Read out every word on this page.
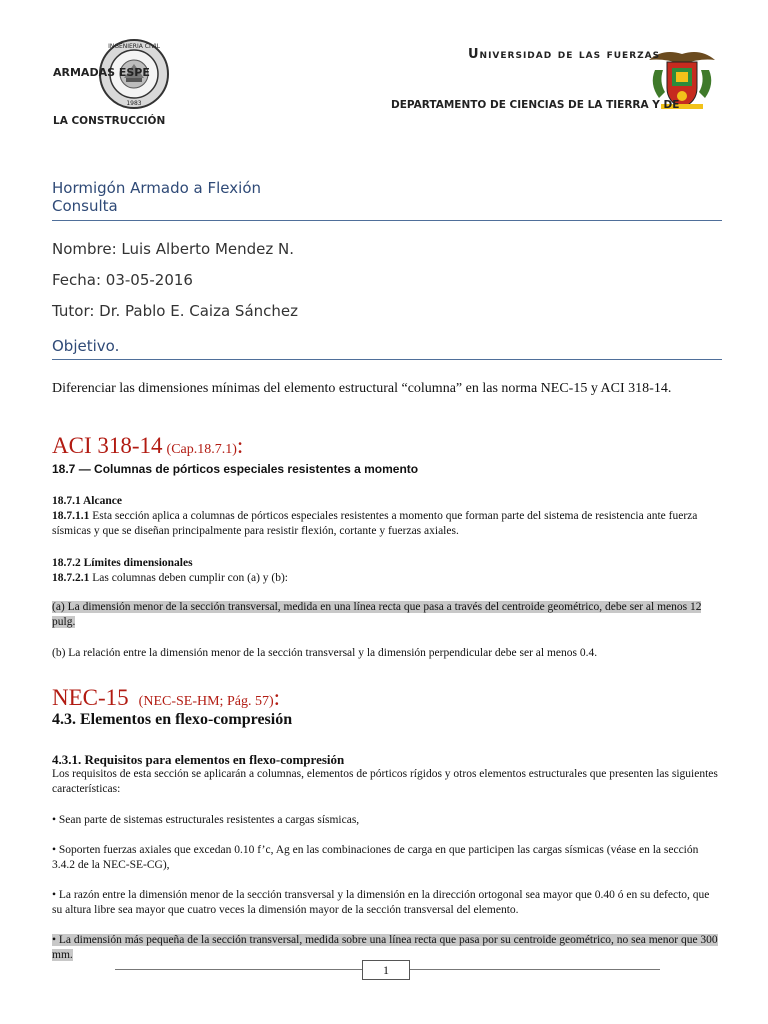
INGENIERIA CIVIL
1983
ARMADAS ESPE
Universidad de las fuerzas
DEPARTAMENTO DE CIENCIAS DE LA TIERRA Y DE
LA CONSTRUCCIÓN
Hormigón Armado a Flexión
Consulta
Nombre: Luis Alberto Mendez N.
Fecha: 03-05-2016
Tutor: Dr. Pablo E. Caiza Sánchez
Objetivo.
Diferenciar las dimensiones mínimas del elemento estructural “columna” en las norma NEC-15 y ACI 318-14.
ACI 318-14 (Cap.18.7.1):
18.7 — Columnas de pórticos especiales resistentes a momento
18.7.1 Alcance
18.7.1.1 Esta sección aplica a columnas de pórticos especiales resistentes a momento que forman parte del sistema de resistencia ante fuerza sísmicas y que se diseñan principalmente para resistir flexión, cortante y fuerzas axiales.
18.7.2 Límites dimensionales
18.7.2.1 Las columnas deben cumplir con (a) y (b):
(a) La dimensión menor de la sección transversal, medida en una línea recta que pasa a través del centroide geométrico, debe ser al menos 12 pulg.
(b) La relación entre la dimensión menor de la sección transversal y la dimensión perpendicular debe ser al menos 0.4.
NEC-15 (NEC-SE-HM; Pág. 57):
4.3. Elementos en flexo-compresión
4.3.1. Requisitos para elementos en flexo-compresión
Los requisitos de esta sección se aplicarán a columnas, elementos de pórticos rígidos y otros elementos estructurales que presenten las siguientes características:
• Sean parte de sistemas estructurales resistentes a cargas sísmicas,
• Soporten fuerzas axiales que excedan 0.10 f’c, Ag en las combinaciones de carga en que participen las cargas sísmicas (véase en la sección 3.4.2 de la NEC-SE-CG),
• La razón entre la dimensión menor de la sección transversal y la dimensión en la dirección ortogonal sea mayor que 0.40 ó en su defecto, que su altura libre sea mayor que cuatro veces la dimensión mayor de la sección transversal del elemento.
• La dimensión más pequeña de la sección transversal, medida sobre una línea recta que pasa por su centroide geométrico, no sea menor que 300 mm.
1
